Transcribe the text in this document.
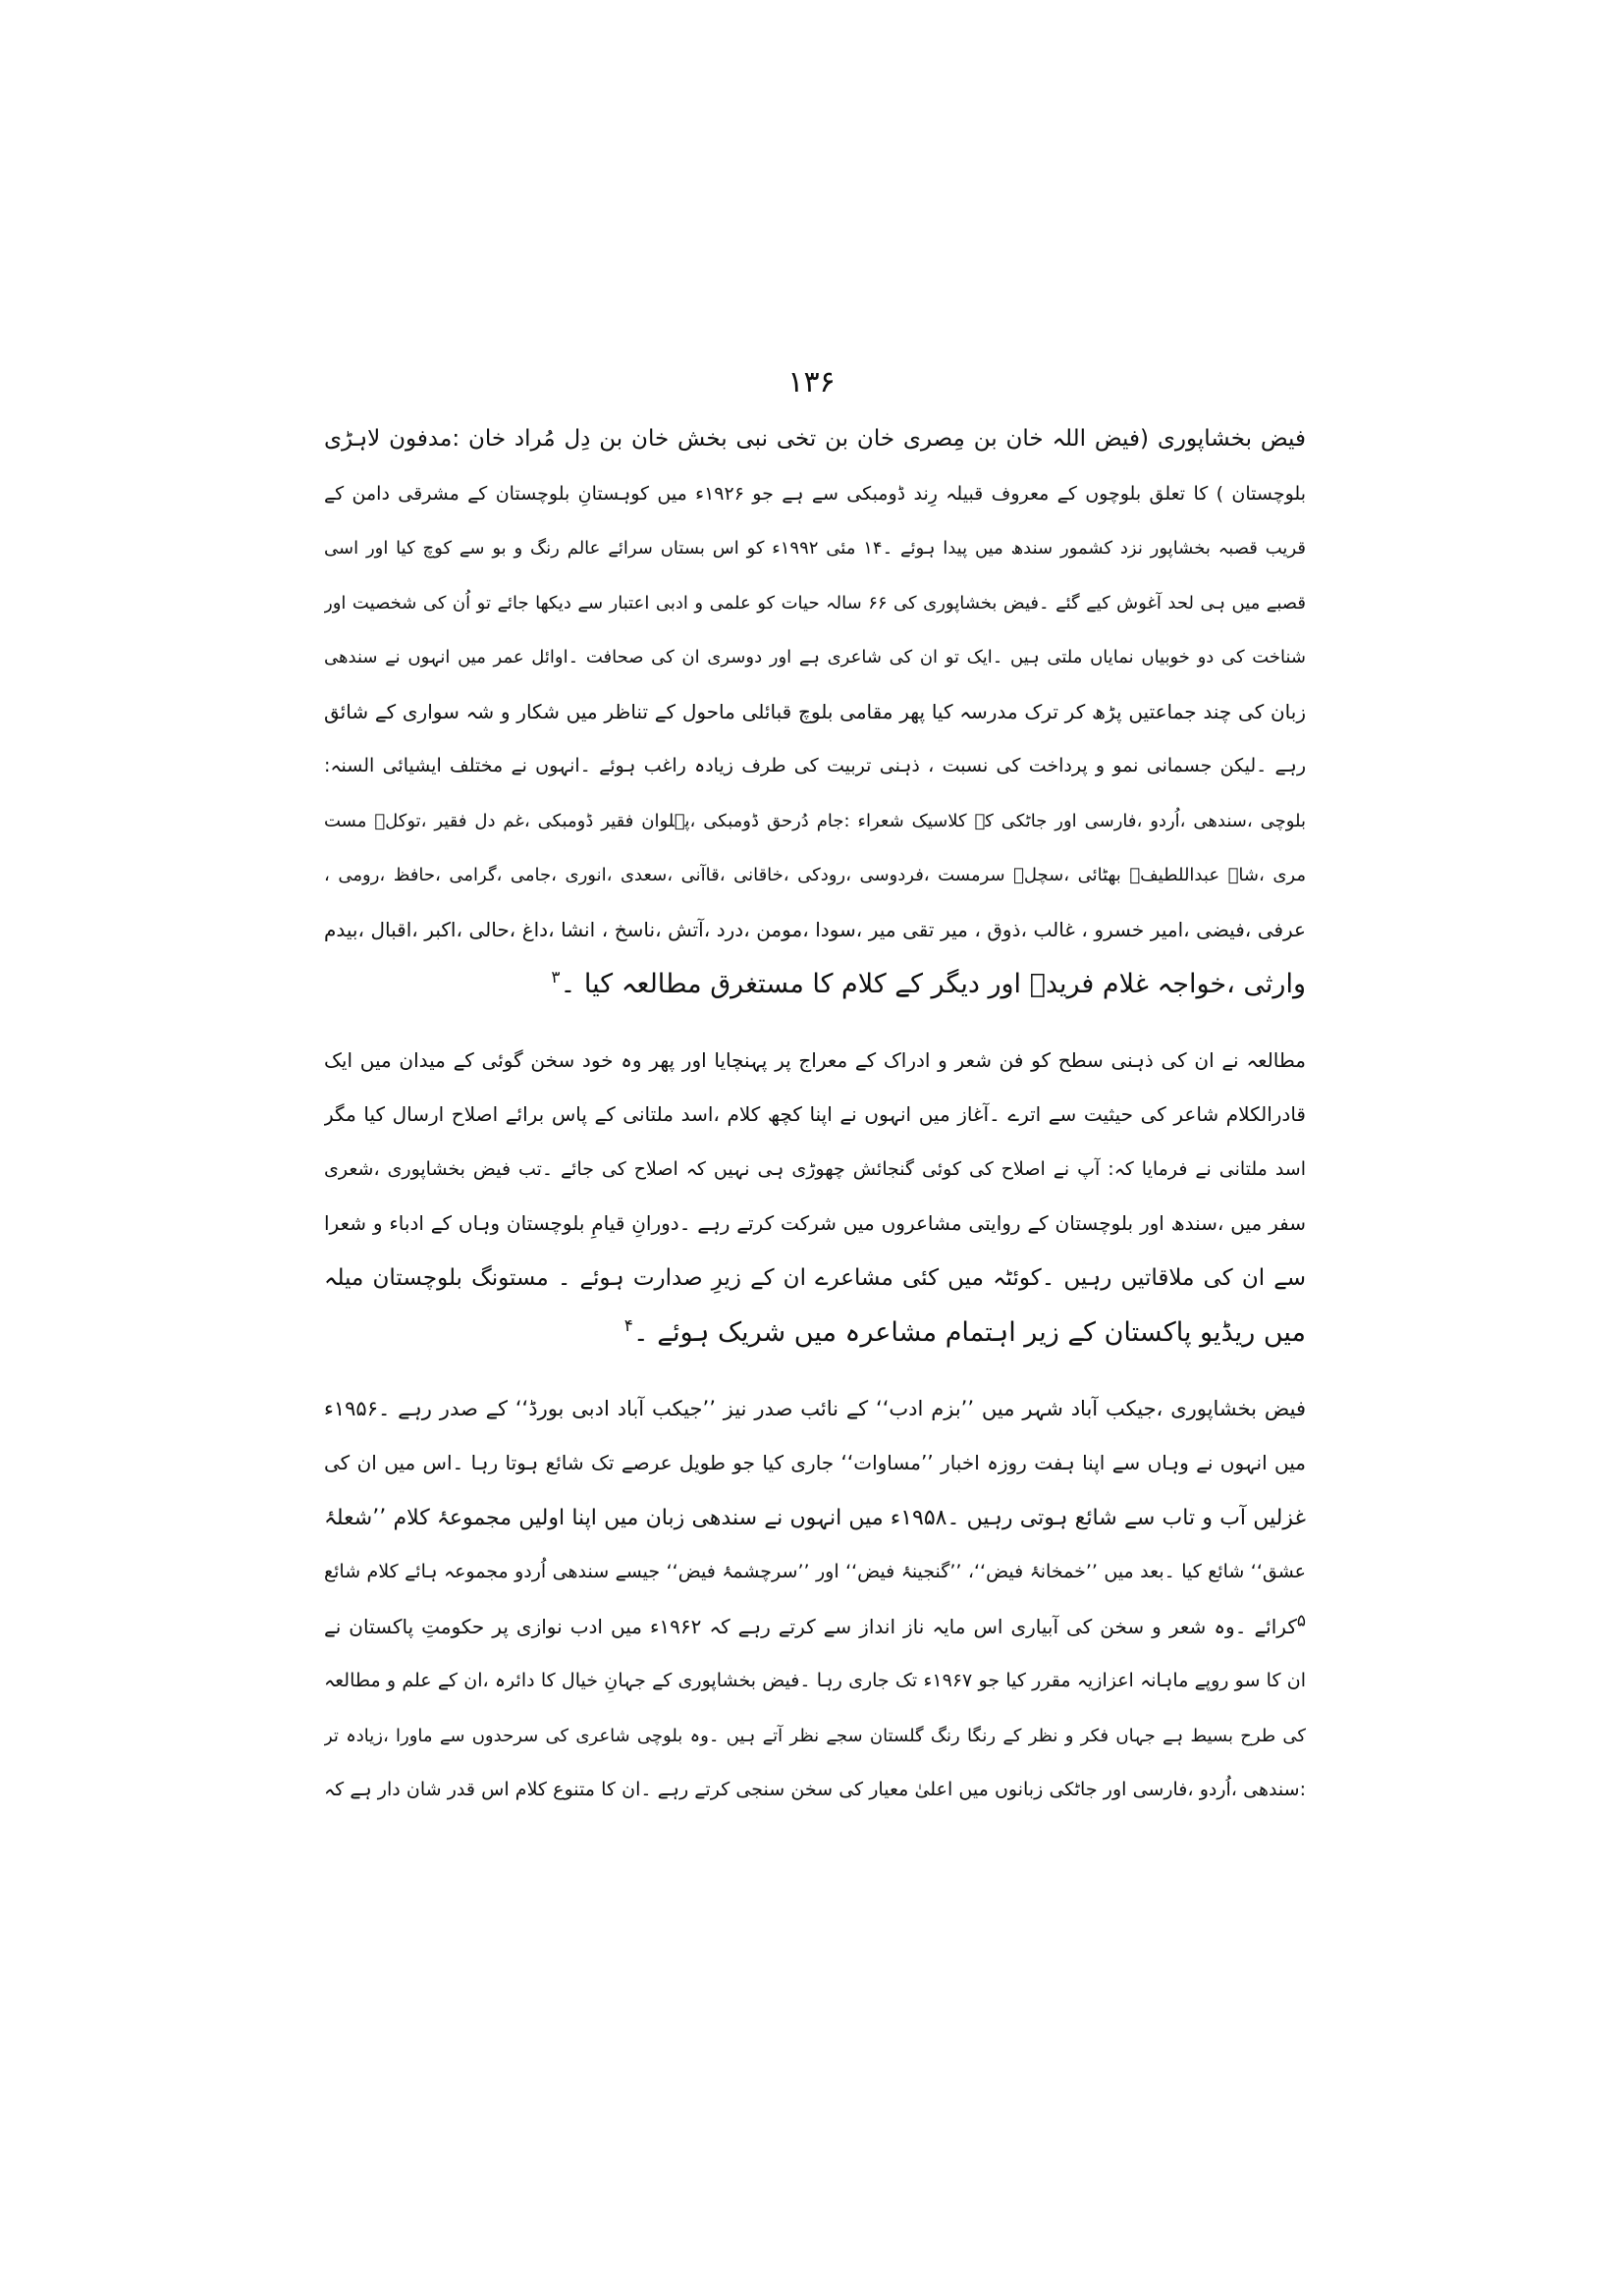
۱۳۶
فیض بخشاپوری (فیض اللہ خان بن مِصری خان بن تخی نبی بخش خان بن دِل مُراد خان :مدفون لاہڑی
بلوچستان ) کا تعلق بلوچوں کے معروف قبیلہ رِند ڈومبکی سے ہے جو ۱۹۲۶ء میں کوہستانِ بلوچستان کے مشرقی دامن کے
قریب قصبہ بخشاپور نزد کشمور سندھ میں پیدا ہوئے ۔۱۴ مئی ۱۹۹۲ء کو اس بستاں سرائے عالم رنگ و بو سے کوچ کیا اور اسی
قصبے میں ہی لحد آغوش کیے گئے ۔فیض بخشاپوری کی ۶۶ سالہ حیات کو علمی و ادبی اعتبار سے دیکھا جائے تو اُن کی شخصیت اور
شناخت کی دو خوبیاں نمایاں ملتی ہیں ۔ایک تو ان کی شاعری ہے اور دوسری ان کی صحافت ۔اوائل عمر میں انہوں نے سندھی
زبان کی چند جماعتیں پڑھ کر ترک مدرسہ کیا پھر مقامی بلوچ قبائلی ماحول کے تناظر میں شکار و شہ سواری کے شائق
رہے ۔لیکن جسمانی نمو و پرداخت کی نسبت ، ذہنی تربیت کی طرف زیادہ راغب ہوئے ۔انہوں نے مختلف ایشیائی السنہ:
بلوچی ،سندھی ،اُردو ،فارسی اور جاٹکی کے کلاسیک شعراء :جام دُرحق ڈومبکی ،پہلوان فقیر ڈومبکی ،غم دل فقیر ،توکلؒ مست
مری ،شاہ عبداللطیفؒ بھٹائی ،سچلؒ سرمست ،فردوسی ،رودکی ،خاقانی ،قاآنی ،سعدی ،انوری ،جامی ،گرامی ،حافظ ،رومی ،
عرفی ،فیضی ،امیر خسرو ، غالب ،ذوق ، میر تقی میر ،سودا ،مومن ،درد ،آتش ،ناسخ ، انشا ،داغ ،حالی ،اکبر ،اقبال ،بیدم
وارثی ،خواجہ غلام فریدؒ اور دیگر کے کلام کا مستغرق مطالعہ کیا ۔$^۳$
مطالعہ نے ان کی ذہنی سطح کو فن شعر و ادراک کے معراج پر پہنچایا اور پھر وہ خود سخن گوئی کے میدان میں ایک
قادرالکلام شاعر کی حیثیت سے اترے ۔آغاز میں انہوں نے اپنا کچھ کلام ،اسد ملتانی کے پاس برائے اصلاح ارسال کیا مگر
اسد ملتانی نے فرمایا کہ: آپ نے اصلاح کی کوئی گنجائش چھوڑی ہی نہیں کہ اصلاح کی جائے ۔تب فیض بخشاپوری ،شعری
سفر میں ،سندھ اور بلوچستان کے روایتی مشاعروں میں شرکت کرتے رہے ۔دورانِ قیامِ بلوچستان وہاں کے ادباء و شعرا
سے ان کی ملاقاتیں رہیں ۔کوئٹہ میں کئی مشاعرے ان کے زیرِ صدارت ہوئے ۔ مستونگ بلوچستان میلہ
میں ریڈیو پاکستان کے زیر اہتمام مشاعرہ میں شریک ہوئے ۔$^۴$
فیض بخشاپوری ،جیکب آباد شہر میں ’’بزم ادب‘‘ کے نائب صدر نیز ’’جیکب آباد ادبی بورڈ‘‘ کے صدر رہے ۔۱۹۵۶ء
میں انہوں نے وہاں سے اپنا ہفت روزہ اخبار ’’مساوات‘‘ جاری کیا جو طویل عرصے تک شائع ہوتا رہا ۔اس میں ان کی
غزلیں آب و تاب سے شائع ہوتی رہیں ۔۱۹۵۸ء میں انہوں نے سندھی زبان میں اپنا اولیں مجموعۂ کلام ’’شعلۂ
عشق‘‘ شائع کیا ۔بعد میں ’’خمخانۂ فیض‘‘، ’’گنجینۂ فیض‘‘ اور ’’سرچشمۂ فیض‘‘ جیسے سندھی اُردو مجموعہ ہائے کلام شائع
$^۵$کرائے ۔وہ شعر و سخن کی آبیاری اس مایہ ناز انداز سے کرتے رہے کہ ۱۹۶۲ء میں ادب نوازی پر حکومتِ پاکستان نے
ان کا سو روپے ماہانہ اعزازیہ مقرر کیا جو ۱۹۶۷ء تک جاری رہا ۔فیض بخشاپوری کے جہانِ خیال کا دائرہ ،ان کے علم و مطالعہ
کی طرح بسیط ہے جہاں فکر و نظر کے رنگا رنگ گلستان سجے نظر آتے ہیں ۔وہ بلوچی شاعری کی سرحدوں سے ماورا ،زیادہ تر
:سندھی ،اُردو ،فارسی اور جاٹکی زبانوں میں اعلیٰ معیار کی سخن سنجی کرتے رہے ۔ان کا متنوع کلام اس قدر شان دار ہے کہ
